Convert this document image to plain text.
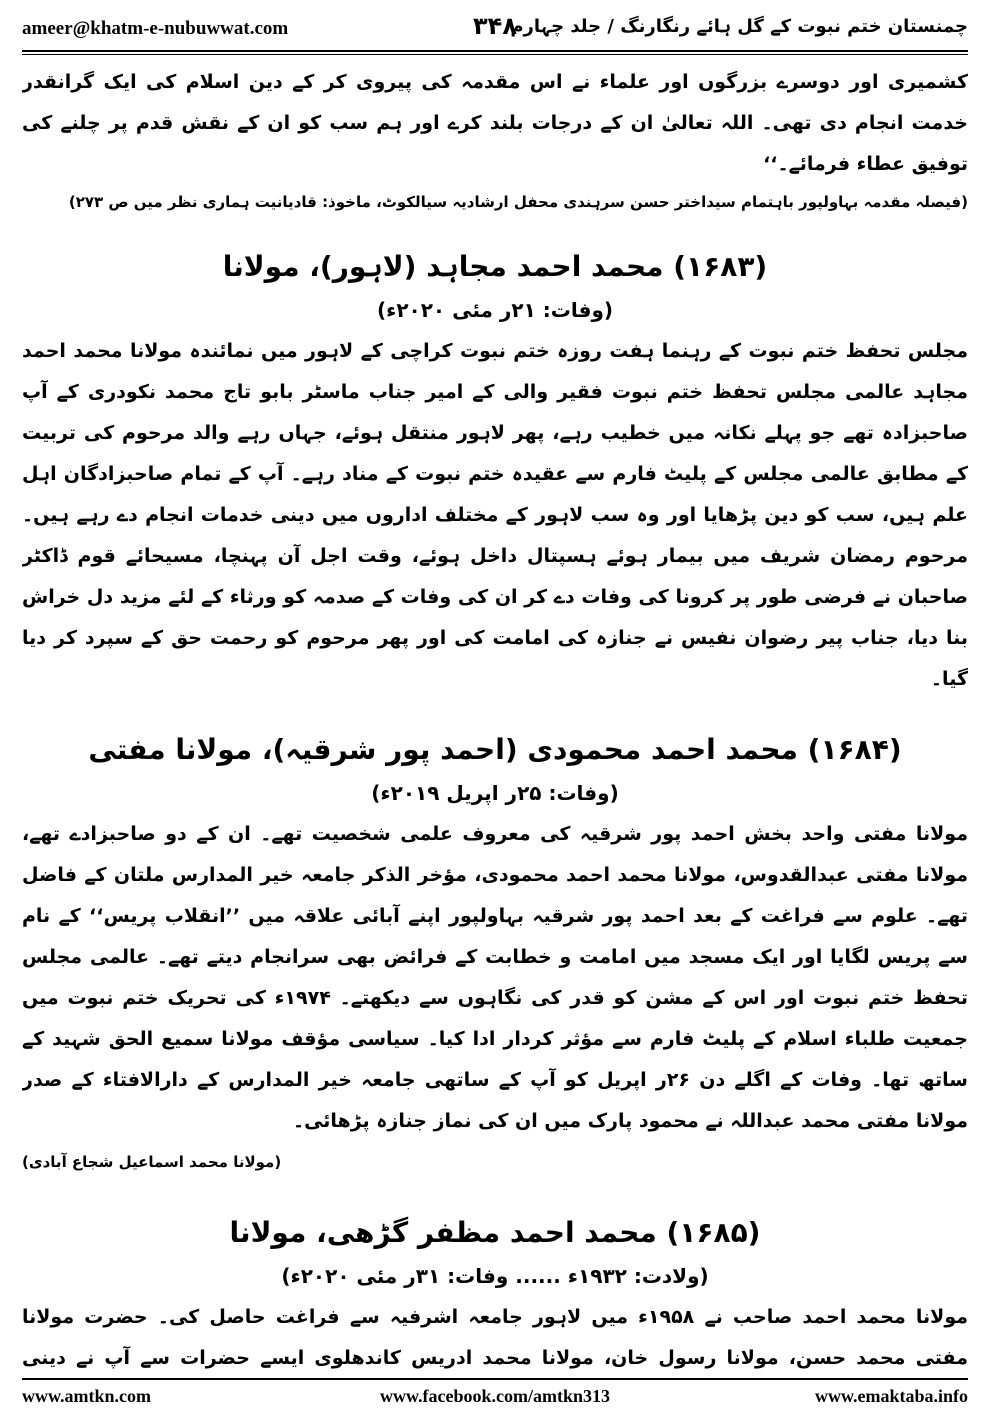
ameer@khatm-e-nubuwwat.com	۳۴۸
چمنستان ختم نبوت کے گل ہائے رنگارنگ / جلد چہارم

کشمیری اور دوسرے بزرگوں اور علماء نے اس مقدمہ کی پیروی کر کے دین اسلام کی ایک گرانقدر خدمت انجام دی تھی۔ اللہ تعالیٰ ان کے درجات بلند کرے اور ہم سب کو ان کے نقش قدم پر چلنے کی توفیق عطاء فرمائے۔‘‘

(فیصلہ مقدمہ بہاولپور باہتمام سیداختر حسن سرہندی محفل ارشادیہ سیالکوٹ، ماخوذ: قادیانیت ہماری نظر میں ص ۲۷۳)

(۱۶۸۳) محمد احمد مجاہد (لاہور)، مولانا

(وفات: ۲۱ر مئی ۲۰۲۰ء)

مجلس تحفظ ختم نبوت کے رہنما ہفت روزہ ختم نبوت کراچی کے لاہور میں نمائندہ مولانا محمد احمد مجاہد عالمی مجلس تحفظ ختم نبوت فقیر والی کے امیر جناب ماسٹر بابو تاج محمد نکودری کے آپ صاحبزادہ تھے جو پہلے نکانہ میں خطیب رہے، پھر لاہور منتقل ہوئے، جہاں رہے والد مرحوم کی تربیت کے مطابق عالمی مجلس کے پلیٹ فارم سے عقیدہ ختم نبوت کے مناد رہے۔ آپ کے تمام صاحبزادگان اہل علم ہیں، سب کو دین پڑھایا اور وہ سب لاہور کے مختلف اداروں میں دینی خدمات انجام دے رہے ہیں۔ مرحوم رمضان شریف میں بیمار ہوئے ہسپتال داخل ہوئے، وقت اجل آن پہنچا، مسیحائے قوم ڈاکٹر صاحبان نے فرضی طور پر کرونا کی وفات دے کر ان کی وفات کے صدمہ کو ورثاء کے لئے مزید دل خراش بنا دیا، جناب پیر رضوان نفیس نے جنازہ کی امامت کی اور پھر مرحوم کو رحمت حق کے سپرد کر دیا گیا۔

(۱۶۸۴) محمد احمد محمودی (احمد پور شرقیہ)، مولانا مفتی

(وفات: ۲۵ر اپریل ۲۰۱۹ء)

مولانا مفتی واحد بخش احمد پور شرقیہ کی معروف علمی شخصیت تھے۔ ان کے دو صاحبزادے تھے، مولانا مفتی عبدالقدوس، مولانا محمد احمد محمودی، مؤخر الذکر جامعہ خیر المدارس ملتان کے فاضل تھے۔ علوم سے فراغت کے بعد احمد پور شرقیہ بہاولپور اپنے آبائی علاقہ میں ’’انقلاب پریس‘‘ کے نام سے پریس لگایا اور ایک مسجد میں امامت و خطابت کے فرائض بھی سرانجام دیتے تھے۔ عالمی مجلس تحفظ ختم نبوت اور اس کے مشن کو قدر کی نگاہوں سے دیکھتے۔ ۱۹۷۴ء کی تحریک ختم نبوت میں جمعیت طلباء اسلام کے پلیٹ فارم سے مؤثر کردار ادا کیا۔ سیاسی مؤقف مولانا سمیع الحق شہید کے ساتھ تھا۔ وفات کے اگلے دن ۲۶ر اپریل کو آپ کے ساتھی جامعہ خیر المدارس کے دارالافتاء کے صدر مولانا مفتی محمد عبداللہ نے محمود پارک میں ان کی نماز جنازہ پڑھائی۔

(مولانا محمد اسماعیل شجاع آبادی)

(۱۶۸۵) محمد احمد مظفر گڑھی، مولانا

(ولادت: ۱۹۳۲ء ...... وفات: ۳۱ر مئی ۲۰۲۰ء)

مولانا محمد احمد صاحب نے ۱۹۵۸ء میں لاہور جامعہ اشرفیہ سے فراغت حاصل کی۔ حضرت مولانا مفتی محمد حسن، مولانا رسول خان، مولانا محمد ادریس کاندھلوی ایسے حضرات سے آپ نے دینی

www.amtkn.com	www.facebook.com/amtkn313	www.emaktaba.info
